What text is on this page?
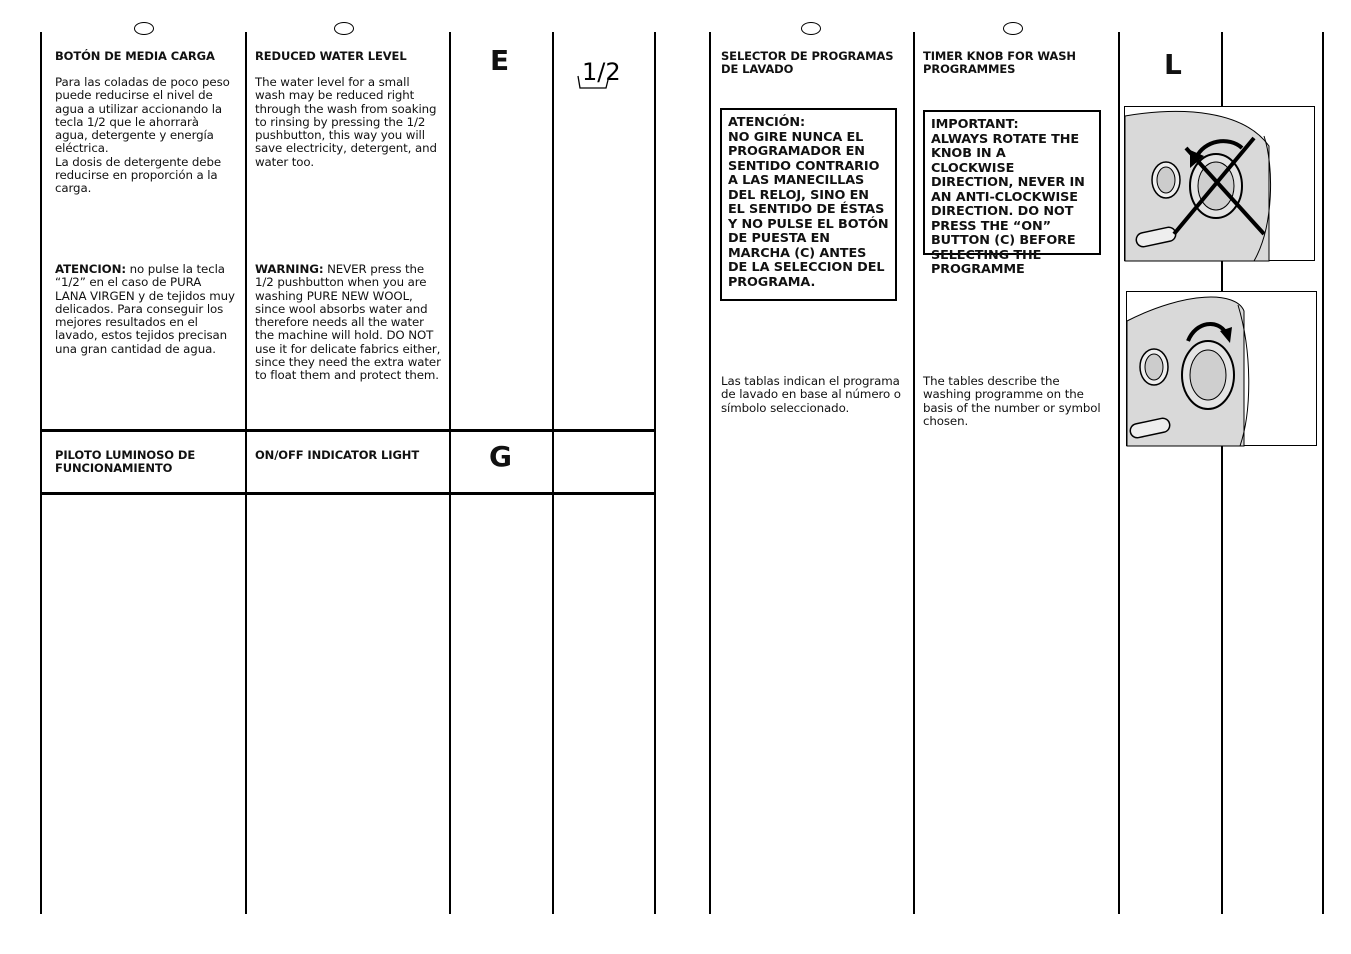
BOTÓN DE MEDIA CARGA

Para las coladas de poco peso puede reducirse el nivel de agua a utilizar accionando la tecla 1/2 que le ahorrarà agua, detergente y energía eléctrica.

La dosis de detergente debe reducirse en proporción a la carga.

ATENCION: no pulse la tecla “1/2” en el caso de PURA LANA VIRGEN y de tejidos muy delicados. Para conseguir los mejores resultados en el lavado, estos tejidos precisan una gran cantidad de agua.
PILOTO LUMINOSO DE FUNCIONAMIENTO
REDUCED WATER LEVEL

The water level for a small wash may be reduced right through the wash from soaking to rinsing by pressing the 1/2 pushbutton, this way you will save electricity, detergent, and water too.

WARNING: NEVER press the 1/2 pushbutton when you are washing PURE NEW WOOL, since wool absorbs water and therefore needs all the water the machine will hold. DO NOT use it for delicate fabrics either, since they need the extra water to float them and protect them.
ON/OFF INDICATOR LIGHT
E
G
1/2
SELECTOR DE PROGRAMAS DE LAVADO
ATENCIÓN:
NO GIRE NUNCA EL PROGRAMADOR EN SENTIDO CONTRARIO A LAS MANECILLAS DEL RELOJ, SINO EN EL SENTIDO DE ÉSTAS Y NO PULSE EL BOTÓN DE PUESTA EN MARCHA (C) ANTES DE LA SELECCION DEL PROGRAMA.
Las tablas indican el programa de lavado en base al número o símbolo seleccionado.
TIMER KNOB FOR WASH PROGRAMMES
IMPORTANT:
ALWAYS ROTATE THE KNOB IN A CLOCKWISE DIRECTION, NEVER IN AN ANTI-CLOCKWISE DIRECTION. DO NOT PRESS THE “ON” BUTTON (C) BEFORE SELECTING THE PROGRAMME
The tables describe the washing programme on the basis of the number or symbol chosen.
L
